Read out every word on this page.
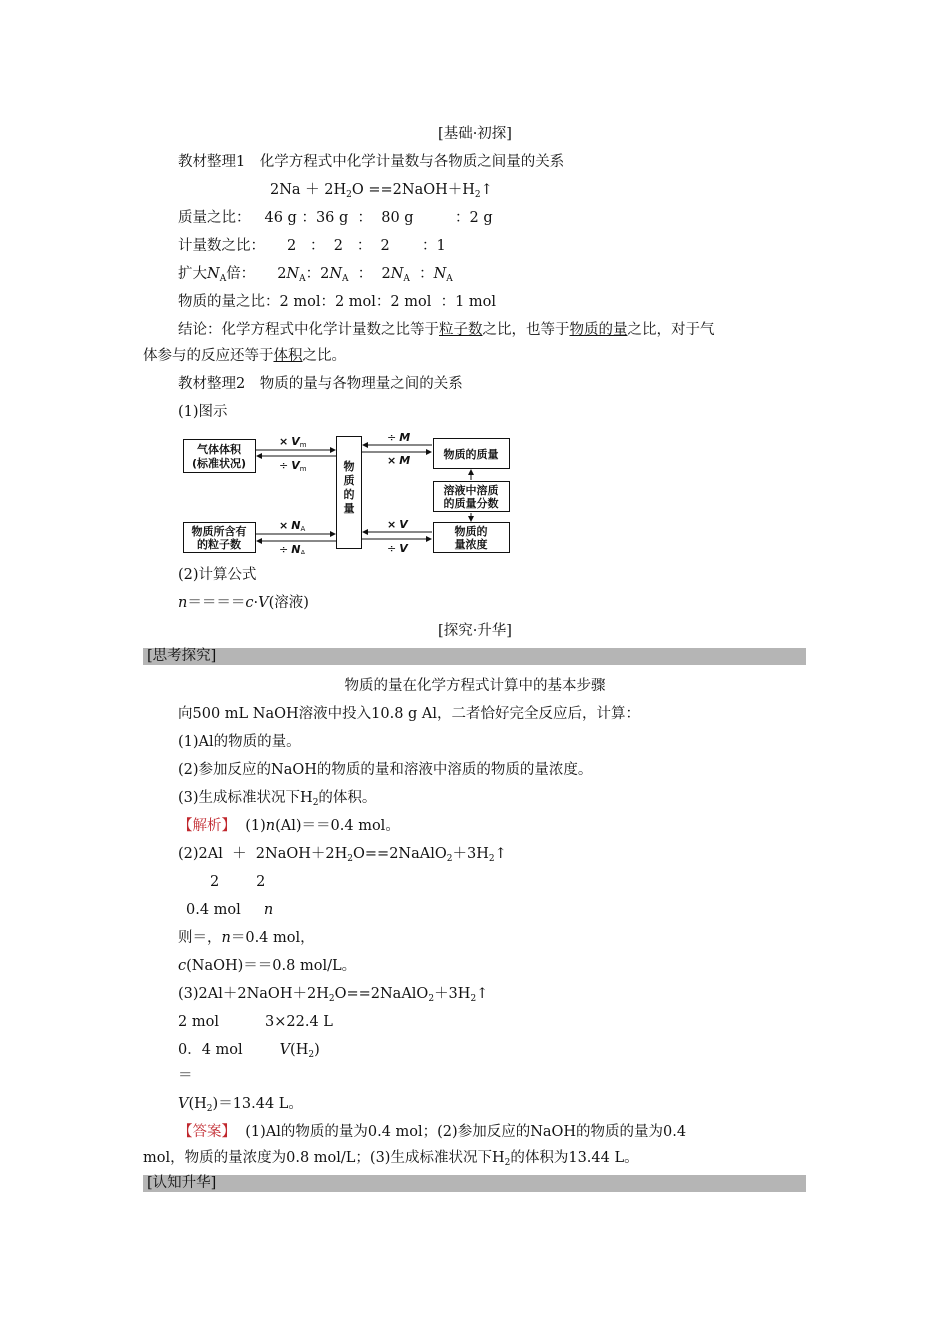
[基础·初探]
教材整理1　化学方程式中化学计量数与各物质之间量的关系
$2Na + 2H_2O$ $==2NaOH+H_2↑$
质量之比： 46 g ：36 g  ：  80 g         ：2 g
计量数之比： 2   ：  2   ：  2       ：1
扩大$N_A$倍： $2N_A$：$2N_A$  ：  $2N_A$  ：$N_A$
物质的量之比：2 mol：2 mol：2 mol  ：1 mol
结论：化学方程式中化学计量数之比等于粒子数之比，也等于物质的量之比，对于气
体参与的反应还等于体积之比。
教材整理2　物质的量与各物理量之间的关系
(1)图示
气体体积
(标准状况)	物
质
的
量
物质的质量
溶液中溶质
的质量分数
物质的
量浓度
物质所含有
的粒子数
× Vm
÷ Vm
÷ M
× M
× V
÷ V
× NA
÷ NA
(2)计算公式
n＝＝＝＝c·V(溶液)
[探究·升华]
[思考探究]
物质的量在化学方程式计算中的基本步骤
向500 mL NaOH溶液中投入10.8 g Al，二者恰好完全反应后，计算：
(1)Al的物质的量。
(2)参加反应的NaOH的物质的量和溶液中溶质的物质的量浓度。
(3)生成标准状况下$H_2$的体积。
【解析】  (1)n(Al)＝＝0.4 mol。
$(2)2Al + 2NaOH+2H_2O==2NaAlO_2+3H_2↑$
2        2
0.4 mol     n
则＝，n＝0.4 mol，
c(NaOH)＝＝0.8 mol/L。
$(3)2Al+2NaOH+2H_2O==2NaAlO_2+3H_2↑$
2 mol          3×22.4 L
0．4 mol        $V(H_2)$
＝
$V(H_2)=13.44$ L。
【答案】  (1)Al的物质的量为0.4 mol；(2)参加反应的NaOH的物质的量为0.4
mol，物质的量浓度为0.8 mol/L；(3)生成标准状况下$H_2$的体积为13.44 L。
[认知升华]
